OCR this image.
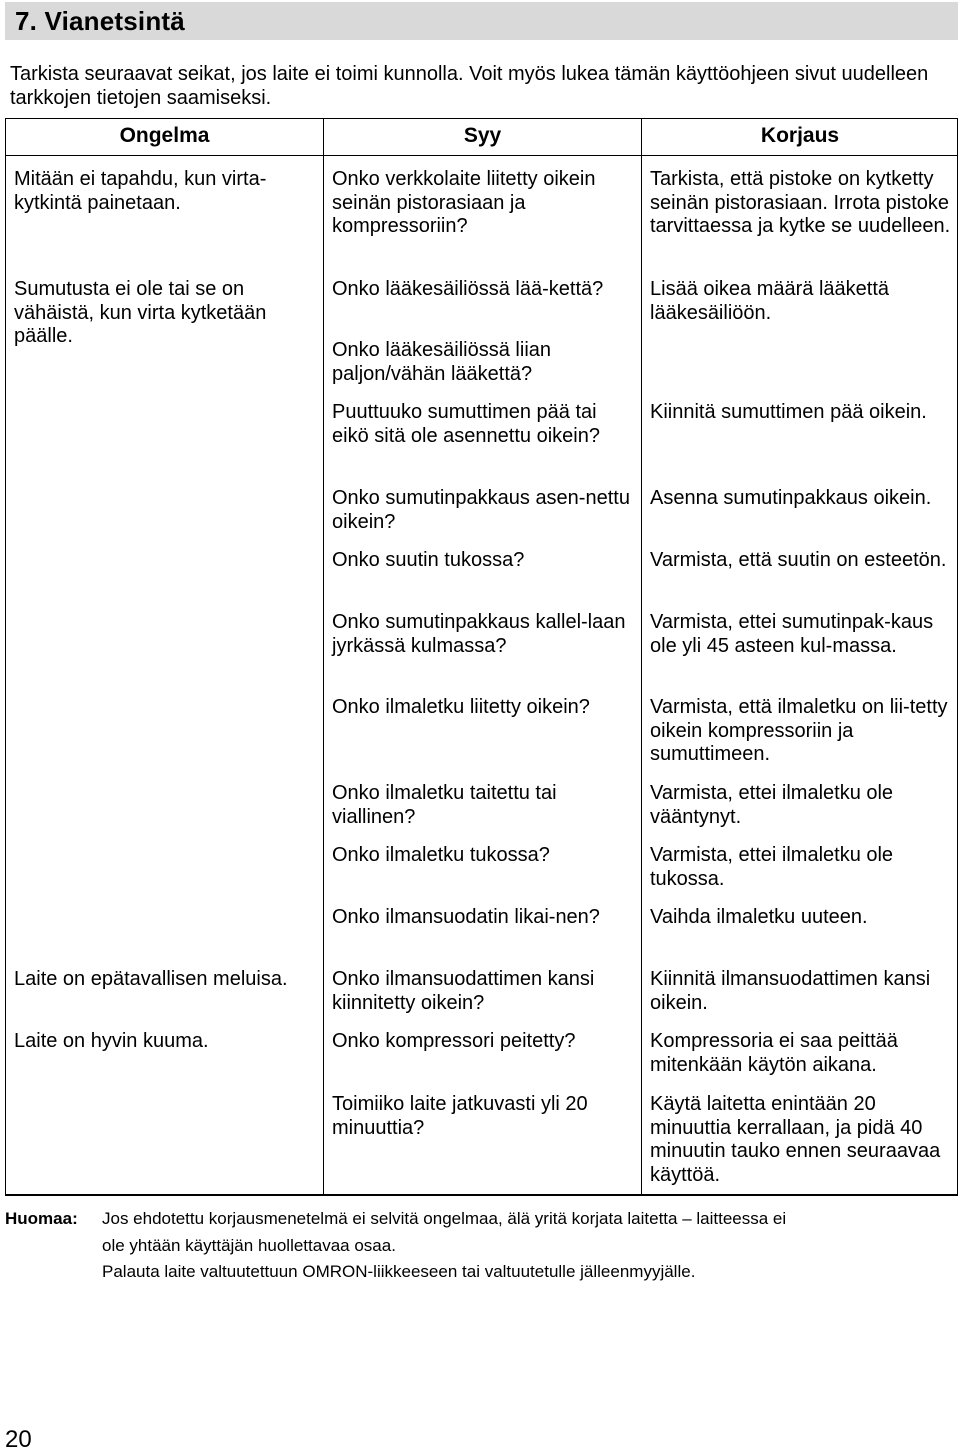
7. Vianetsintä
Tarkista seuraavat seikat, jos laite ei toimi kunnolla. Voit myös lukea tämän käyttöohjeen sivut uudelleen tarkkojen tietojen saamiseksi.
Ongelma	Syy	Korjaus
Mitään ei tapahdu, kun virta-kytkintä painetaan.
Sumutusta ei ole tai se on vähäistä, kun virta kytketään päälle.
Laite on epätavallisen meluisa.
Laite on hyvin kuuma.
Onko verkkolaite liitetty oikein seinän pistorasiaan ja kompressoriin?
Onko lääkesäiliössä lää-kettä?
Onko lääkesäiliössä liian paljon/vähän lääkettä?
Puuttuuko sumuttimen pää tai eikö sitä ole asennettu oikein?
Onko sumutinpakkaus asen-nettu oikein?
Onko suutin tukossa?
Onko sumutinpakkaus kallel-laan jyrkässä kulmassa?
Onko ilmaletku liitetty oikein?
Onko ilmaletku taitettu tai viallinen?
Onko ilmaletku tukossa?
Onko ilmansuodatin likai-nen?
Onko ilmansuodattimen kansi kiinnitetty oikein?
Onko kompressori peitetty?
Toimiiko laite jatkuvasti yli 20 minuuttia?
Tarkista, että pistoke on kytketty seinän pistorasiaan. Irrota pistoke tarvittaessa ja kytke se uudelleen.
Lisää oikea määrä lääkettä lääkesäiliöön.
Kiinnitä sumuttimen pää oikein.
Asenna sumutinpakkaus oikein.
Varmista, että suutin on esteetön.
Varmista, ettei sumutinpak-kaus ole yli 45 asteen kul-massa.
Varmista, että ilmaletku on lii-tetty oikein kompressoriin ja sumuttimeen.
Varmista, ettei ilmaletku ole vääntynyt.
Varmista, ettei ilmaletku ole tukossa.
Vaihda ilmaletku uuteen.
Kiinnitä ilmansuodattimen kansi oikein.
Kompressoria ei saa peittää mitenkään käytön aikana.
Käytä laitetta enintään 20 minuuttia kerrallaan, ja pidä 40 minuutin tauko ennen seuraavaa käyttöä.
Huomaa: Jos ehdotettu korjausmenetelmä ei selvitä ongelmaa, älä yritä korjata laitetta – laitteessa ei
ole yhtään käyttäjän huollettavaa osaa.
Palauta laite valtuutettuun OMRON-liikkeeseen tai valtuutetulle jälleenmyyjälle.
20
